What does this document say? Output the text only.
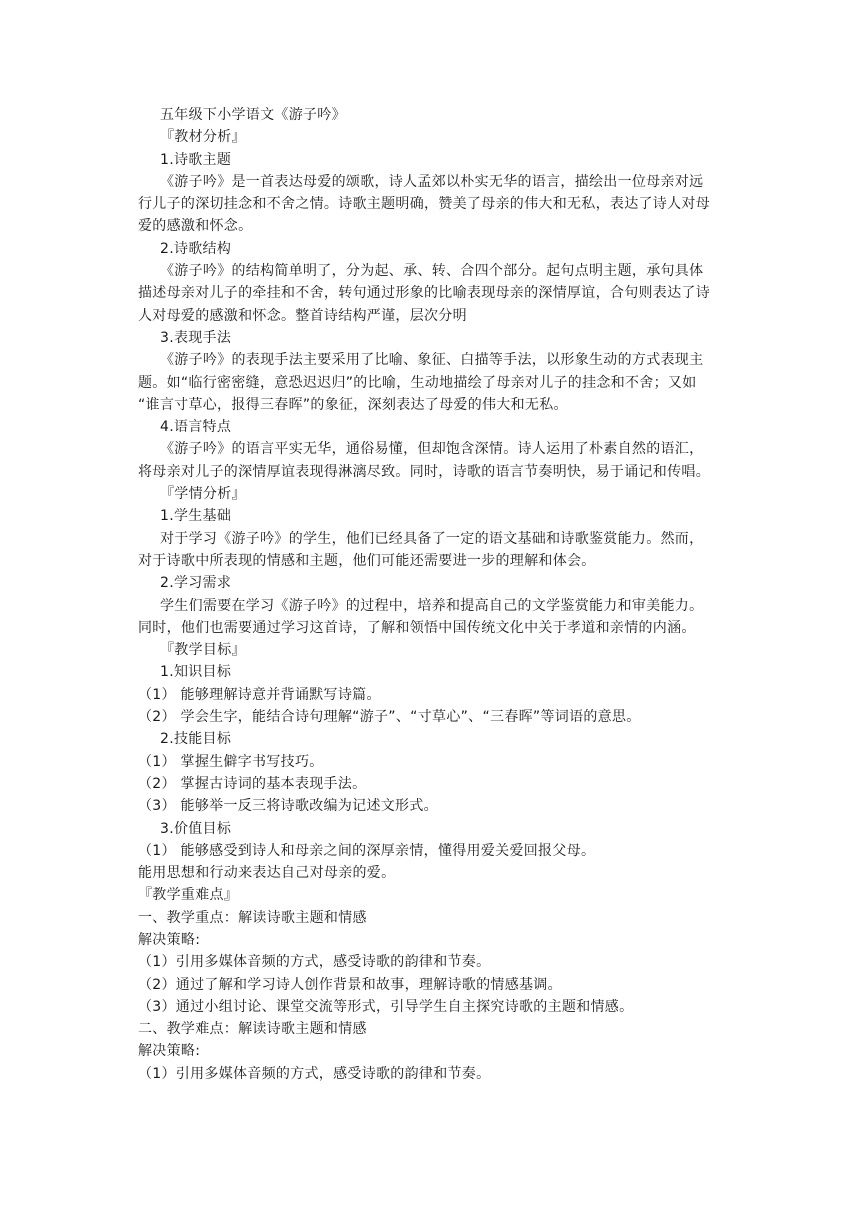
五年级下小学语文《游子吟》
『教材分析』
1.诗歌主题
《游子吟》是一首表达母爱的颂歌，诗人孟郊以朴实无华的语言，描绘出一位母亲对远
行儿子的深切挂念和不舍之情。诗歌主题明确，赞美了母亲的伟大和无私，表达了诗人对母
爱的感激和怀念。
2.诗歌结构
《游子吟》的结构简单明了，分为起、承、转、合四个部分。起句点明主题，承句具体
描述母亲对儿子的牵挂和不舍，转句通过形象的比喻表现母亲的深情厚谊，合句则表达了诗
人对母爱的感激和怀念。整首诗结构严谨，层次分明
3.表现手法
《游子吟》的表现手法主要采用了比喻、象征、白描等手法，以形象生动的方式表现主
题。如“临行密密缝，意恐迟迟归”的比喻，生动地描绘了母亲对儿子的挂念和不舍；又如
“谁言寸草心，报得三春晖”的象征，深刻表达了母爱的伟大和无私。
4.语言特点
《游子吟》的语言平实无华，通俗易懂，但却饱含深情。诗人运用了朴素自然的语汇，
将母亲对儿子的深情厚谊表现得淋漓尽致。同时，诗歌的语言节奏明快，易于诵记和传唱。
『学情分析』
1.学生基础
对于学习《游子吟》的学生，他们已经具备了一定的语文基础和诗歌鉴赏能力。然而，
对于诗歌中所表现的情感和主题，他们可能还需要进一步的理解和体会。
2.学习需求
学生们需要在学习《游子吟》的过程中，培养和提高自己的文学鉴赏能力和审美能力。
同时，他们也需要通过学习这首诗，了解和领悟中国传统文化中关于孝道和亲情的内涵。
『教学目标』
1.知识目标
（1） 能够理解诗意并背诵默写诗篇。
（2） 学会生字，能结合诗句理解“游子”、“寸草心”、“三春晖”等词语的意思。
2.技能目标
（1） 掌握生僻字书写技巧。
（2） 掌握古诗词的基本表现手法。
（3） 能够举一反三将诗歌改编为记述文形式。
3.价值目标
（1） 能够感受到诗人和母亲之间的深厚亲情，懂得用爱关爱回报父母。
能用思想和行动来表达自己对母亲的爱。
『教学重难点』
一、教学重点：解读诗歌主题和情感
解决策略:
（1）引用多媒体音频的方式，感受诗歌的韵律和节奏。
（2）通过了解和学习诗人创作背景和故事，理解诗歌的情感基调。
（3）通过小组讨论、课堂交流等形式，引导学生自主探究诗歌的主题和情感。
二、教学难点：解读诗歌主题和情感
解决策略:
（1）引用多媒体音频的方式，感受诗歌的韵律和节奏。
